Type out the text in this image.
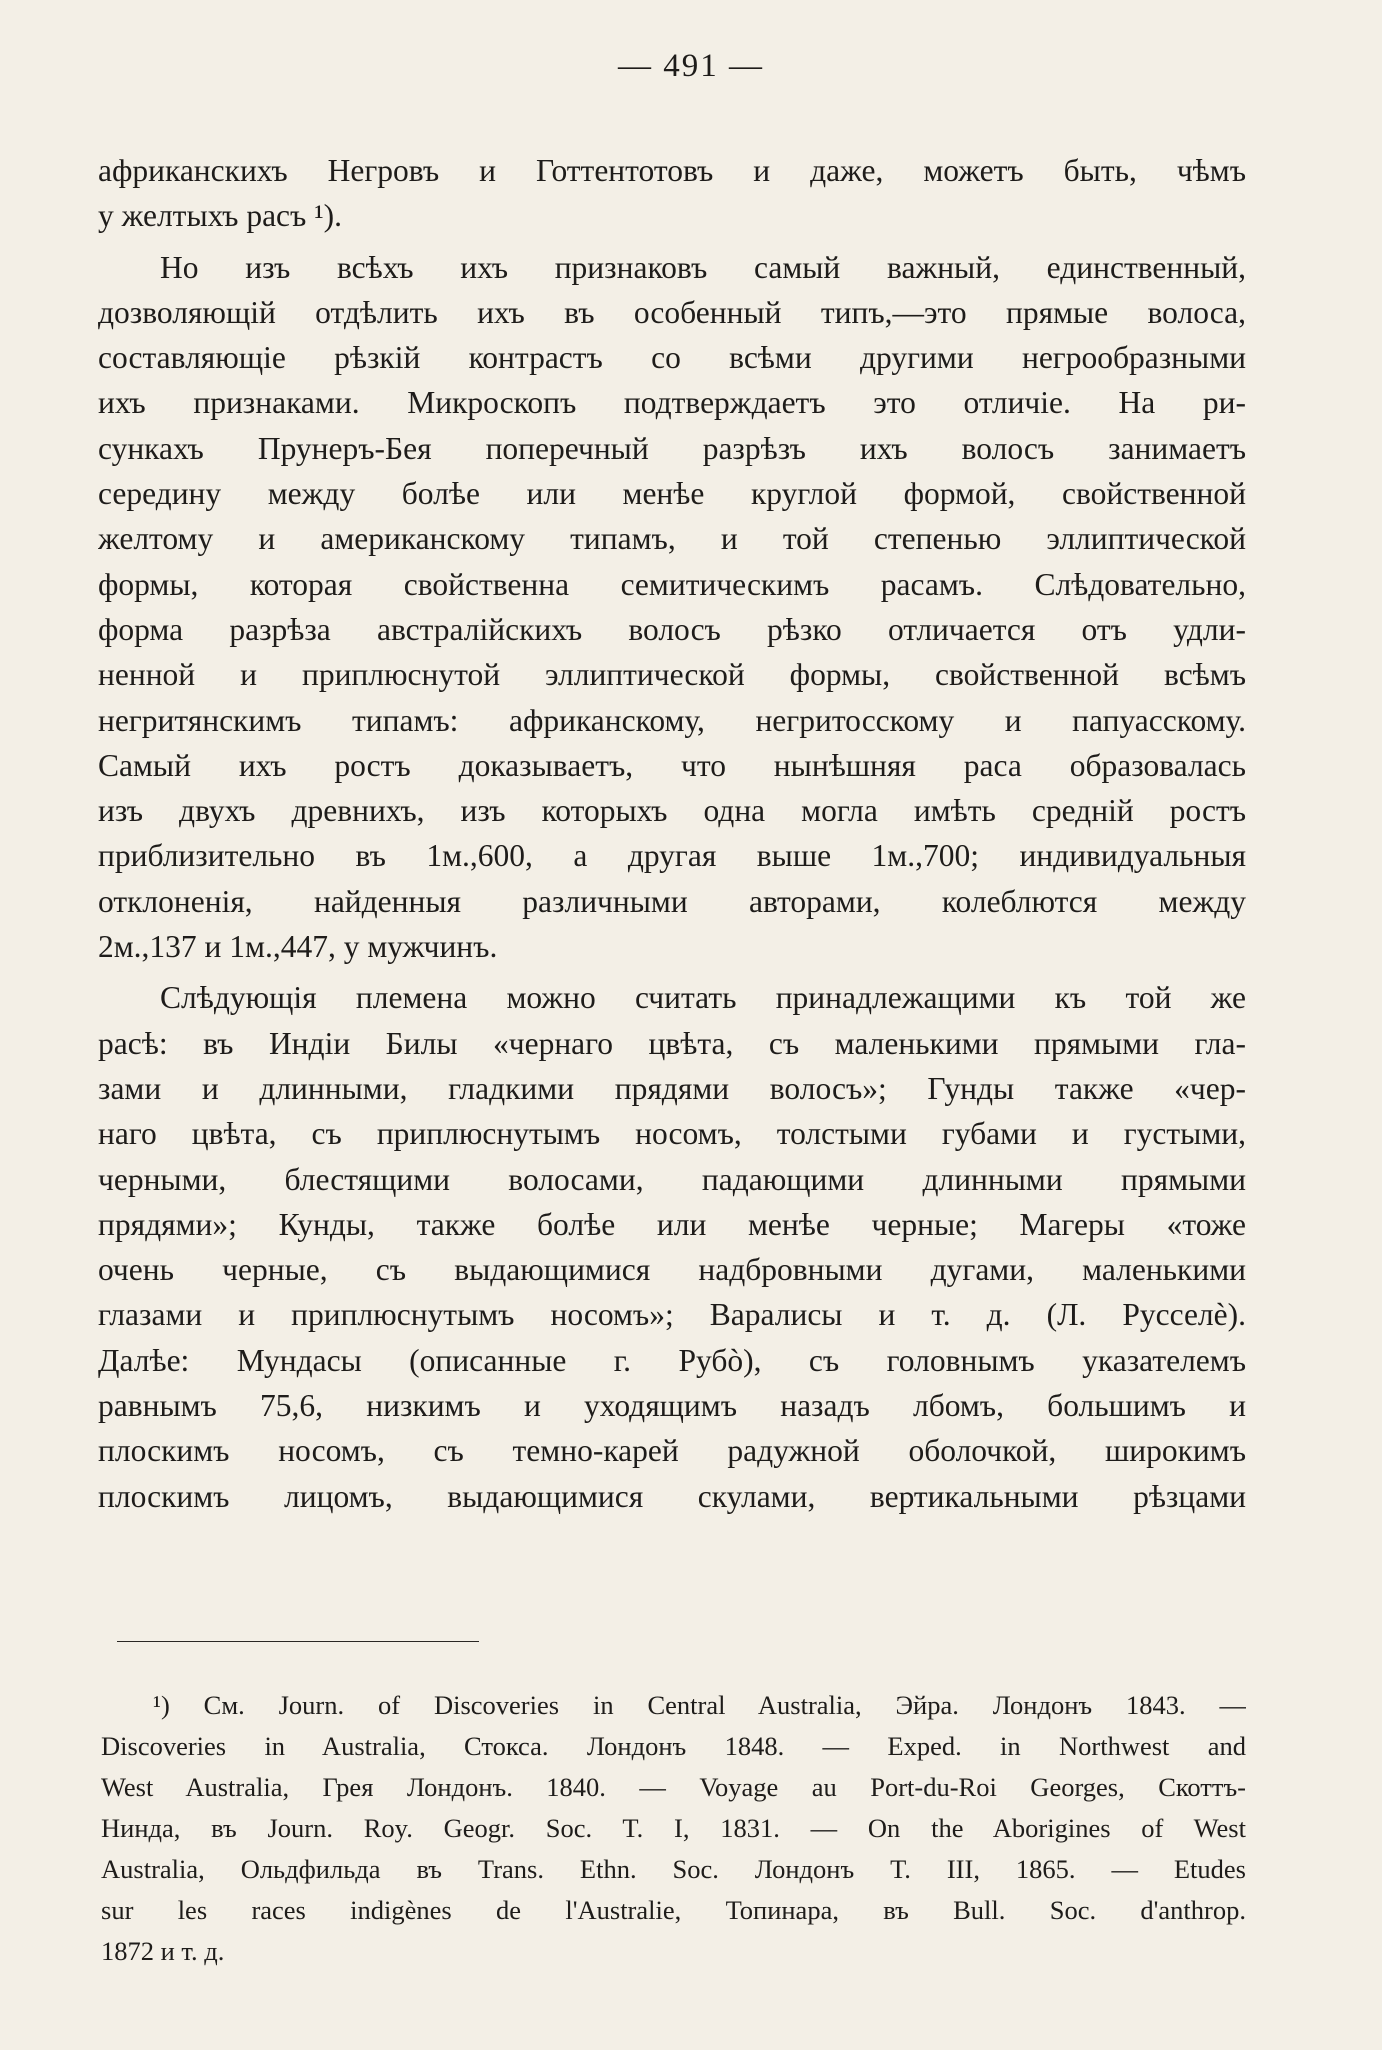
— 491 —
африканскихъ Негровъ и Готтентотовъ и даже, можетъ быть, чѣмъ
у желтыхъ расъ ¹).
Но изъ всѣхъ ихъ признаковъ самый важный, единственный,
дозволяющій отдѣлить ихъ въ особенный типъ,—это прямые волоса,
составляющіе рѣзкій контрастъ со всѣми другими негрообразными
ихъ признаками. Микроскопъ подтверждаетъ это отличіе. На ри-
сункахъ Прунеръ-Бея поперечный разрѣзъ ихъ волосъ занимаетъ
середину между болѣе или менѣе круглой формой, свойственной
желтому и американскому типамъ, и той степенью эллиптической
формы, которая свойственна семитическимъ расамъ. Слѣдовательно,
форма разрѣза австралійскихъ волосъ рѣзко отличается отъ удли-
ненной и приплюснутой эллиптической формы, свойственной всѣмъ
негритянскимъ типамъ: африканскому, негритосскому и папуасскому.
Самый ихъ ростъ доказываетъ, что нынѣшняя раса образовалась
изъ двухъ древнихъ, изъ которыхъ одна могла имѣть средній ростъ
приблизительно въ 1м.,600, а другая выше 1м.,700; индивидуальныя
отклоненія, найденныя различными авторами, колеблются между
2м.,137 и 1м.,447, у мужчинъ.
Слѣдующія племена можно считать принадлежащими къ той же
расѣ: въ Индіи Билы «чернаго цвѣта, съ маленькими прямыми гла-
зами и длинными, гладкими прядями волосъ»; Гунды также «чер-
наго цвѣта, съ приплюснутымъ носомъ, толстыми губами и густыми,
черными, блестящими волосами, падающими длинными прямыми
прядями»; Кунды, также болѣе или менѣе черные; Магеры «тоже
очень черные, съ выдающимися надбровными дугами, маленькими
глазами и приплюснутымъ носомъ»; Варалисы и т. д. (Л. Русселè).
Далѣе: Мундасы (описанные г. Рубò), съ головнымъ указателемъ
равнымъ 75,6, низкимъ и уходящимъ назадъ лбомъ, большимъ и
плоскимъ носомъ, съ темно-карей радужной оболочкой, широкимъ
плоскимъ лицомъ, выдающимися скулами, вертикальными рѣзцами
¹) См. Journ. of Discoveries in Central Australia, Эйра. Лондонъ 1843. —
Discoveries in Australia, Стокса. Лондонъ 1848. — Exped. in Northwest and
West Australia, Грея Лондонъ. 1840. — Voyage au Port-du-Roi Georges, Скоттъ-
Нинда, въ Journ. Roy. Geogr. Soc. T. I, 1831. — On the Aborigines of West
Australia, Ольдфильда въ Trans. Ethn. Soc. Лондонъ T. III, 1865. — Etudes
sur les races indigènes de l'Australie, Топинара, въ Bull. Soc. d'anthrop.
1872 и т. д.
